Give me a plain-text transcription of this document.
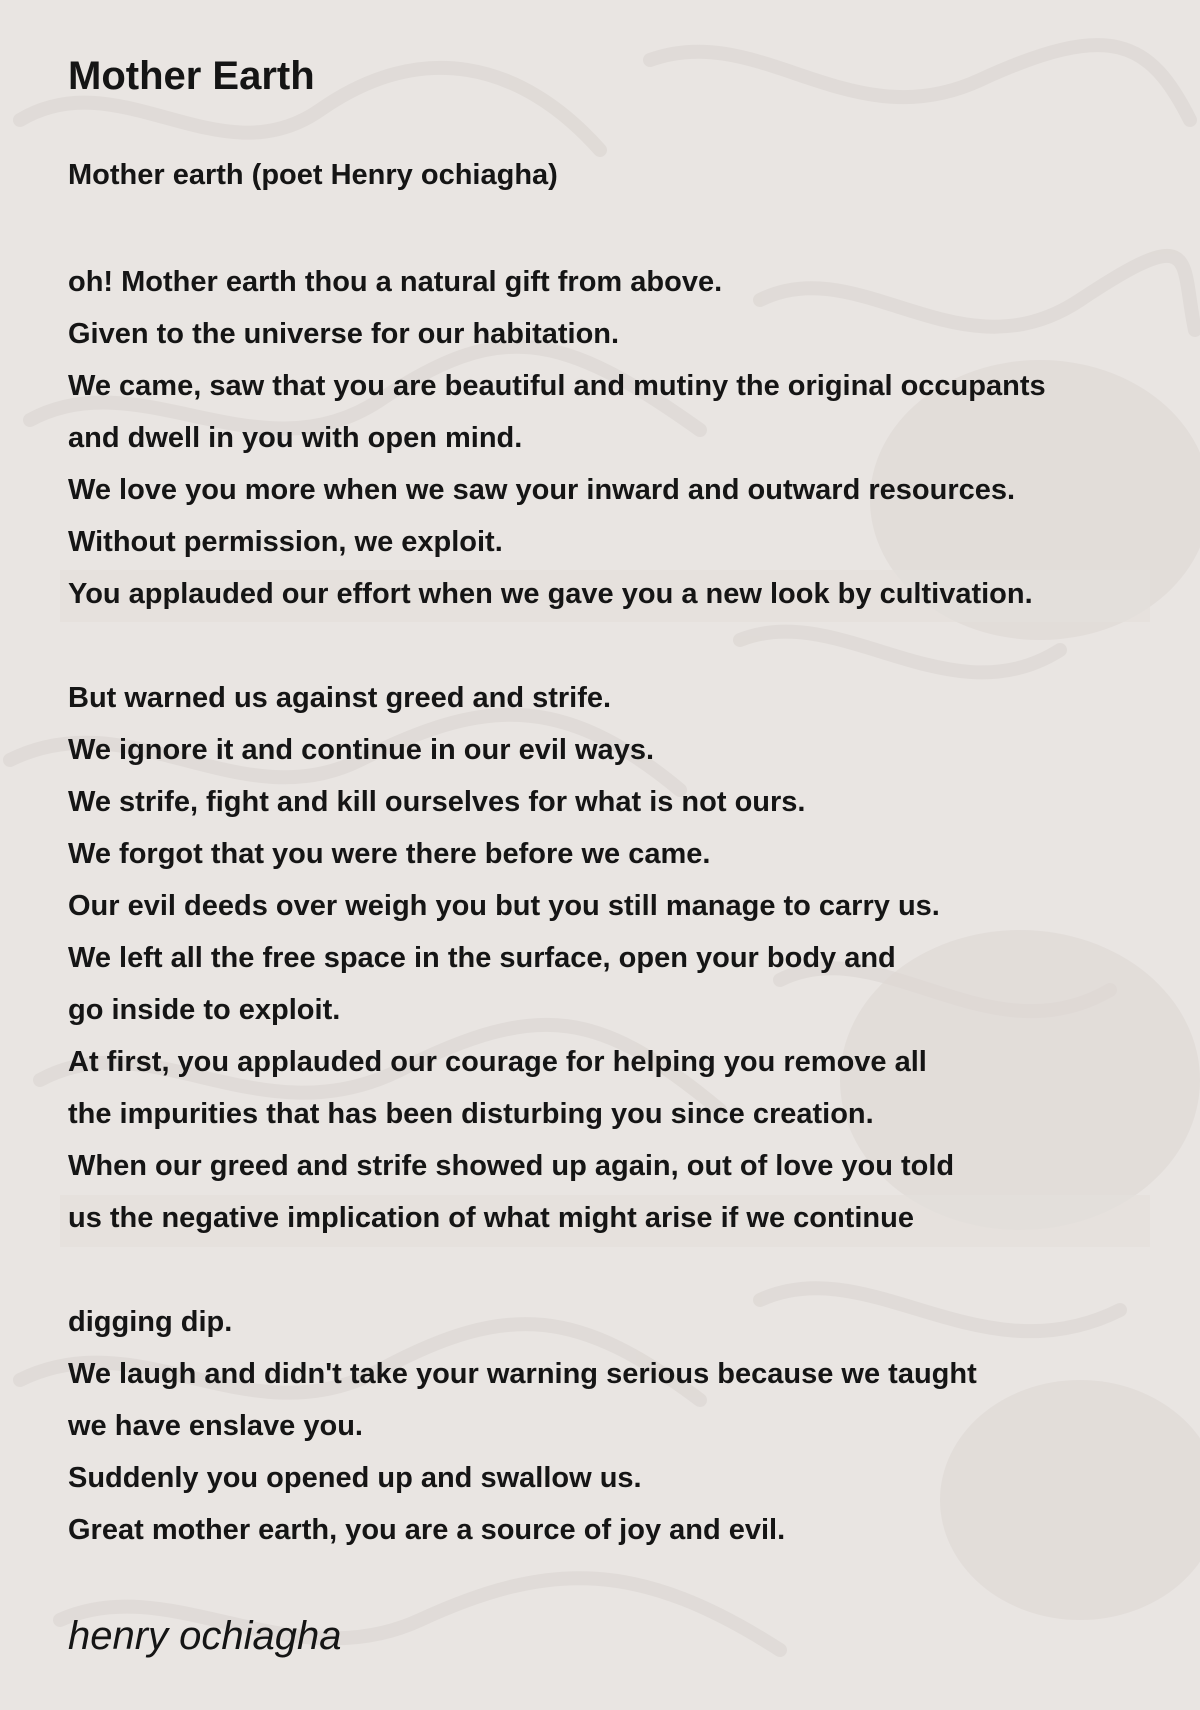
Mother Earth
Mother earth (poet Henry ochiagha)
oh! Mother earth thou a natural gift from above.
Given to the universe for our habitation.
We came, saw that you are beautiful and mutiny the original occupants
and dwell in you with open mind.
We love you more when we saw your inward and outward resources.
Without permission, we exploit.
You applauded our effort when we gave you a new look by cultivation.
But warned us against greed and strife.
We ignore it and continue in our evil ways.
We strife, fight and kill ourselves for what is not ours.
We forgot that you were there before we came.
Our evil deeds over weigh you but you still manage to carry us.
We left all the free space in the surface, open your body and
go inside to exploit.
At first, you applauded our courage for helping you remove all
the impurities that has been disturbing you since creation.
When our greed and strife showed up again, out of love you told
us the negative implication of what might arise if we continue
digging dip.
We laugh and didn't take your warning serious because we taught
we have enslave you.
Suddenly you opened up and swallow us.
Great mother earth, you are a source of joy and evil.
henry ochiagha
